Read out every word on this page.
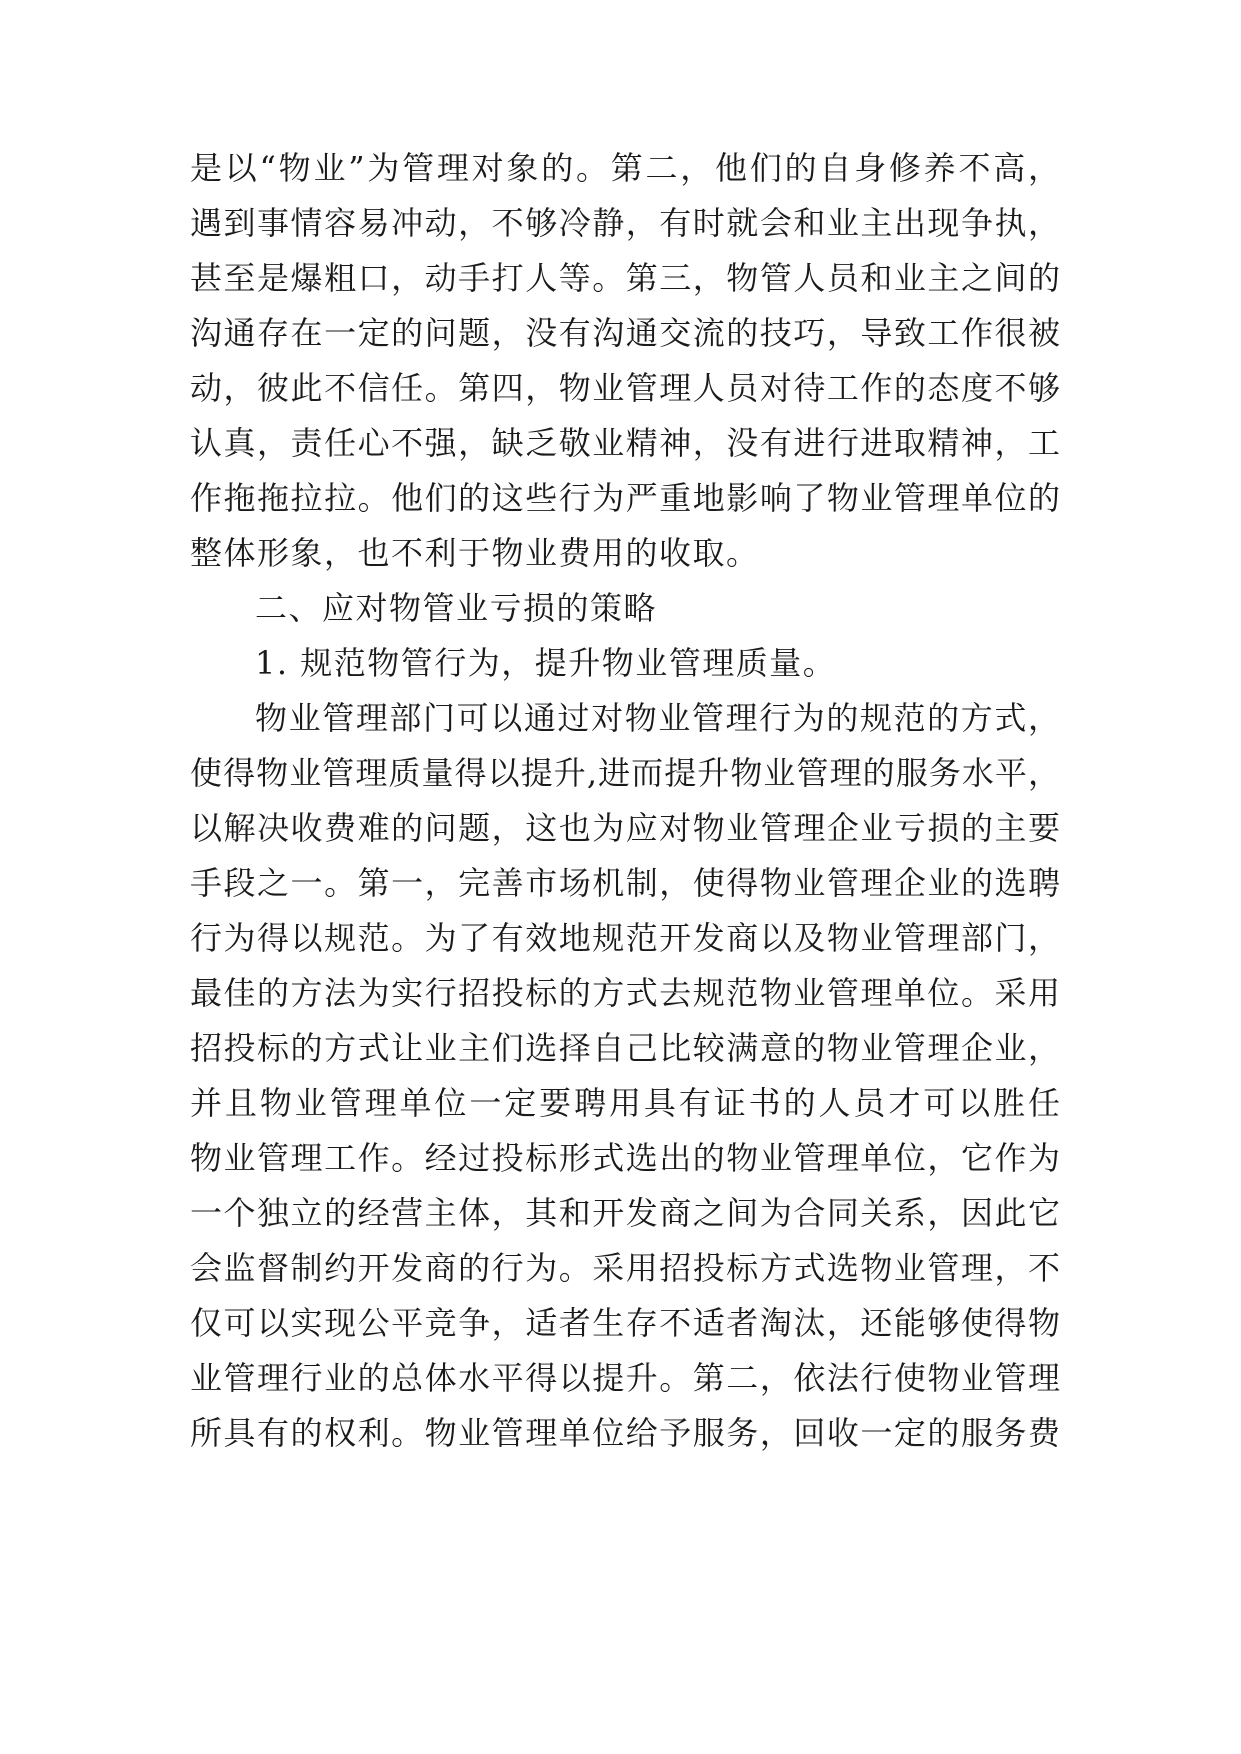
是以“物业”为管理对象的。第二，他们的自身修养不高，
遇到事情容易冲动，不够冷静，有时就会和业主出现争执，
甚至是爆粗口，动手打人等。第三，物管人员和业主之间的
沟通存在一定的问题，没有沟通交流的技巧，导致工作很被
动，彼此不信任。第四，物业管理人员对待工作的态度不够
认真，责任心不强，缺乏敬业精神，没有进行进取精神，工
作拖拖拉拉。他们的这些行为严重地影响了物业管理单位的
整体形象，也不利于物业费用的收取。
二、应对物管业亏损的策略
1. 规范物管行为，提升物业管理质量。
物业管理部门可以通过对物业管理行为的规范的方式，
使得物业管理质量得以提升,进而提升物业管理的服务水平，
以解决收费难的问题，这也为应对物业管理企业亏损的主要
手段之一。第一，完善市场机制，使得物业管理企业的选聘
行为得以规范。为了有效地规范开发商以及物业管理部门，
最佳的方法为实行招投标的方式去规范物业管理单位。采用
招投标的方式让业主们选择自己比较满意的物业管理企业，
并且物业管理单位一定要聘用具有证书的人员才可以胜任
物业管理工作。经过投标形式选出的物业管理单位，它作为
一个独立的经营主体，其和开发商之间为合同关系，因此它
会监督制约开发商的行为。采用招投标方式选物业管理，不
仅可以实现公平竞争，适者生存不适者淘汰，还能够使得物
业管理行业的总体水平得以提升。第二，依法行使物业管理
所具有的权利。物业管理单位给予服务，回收一定的服务费
